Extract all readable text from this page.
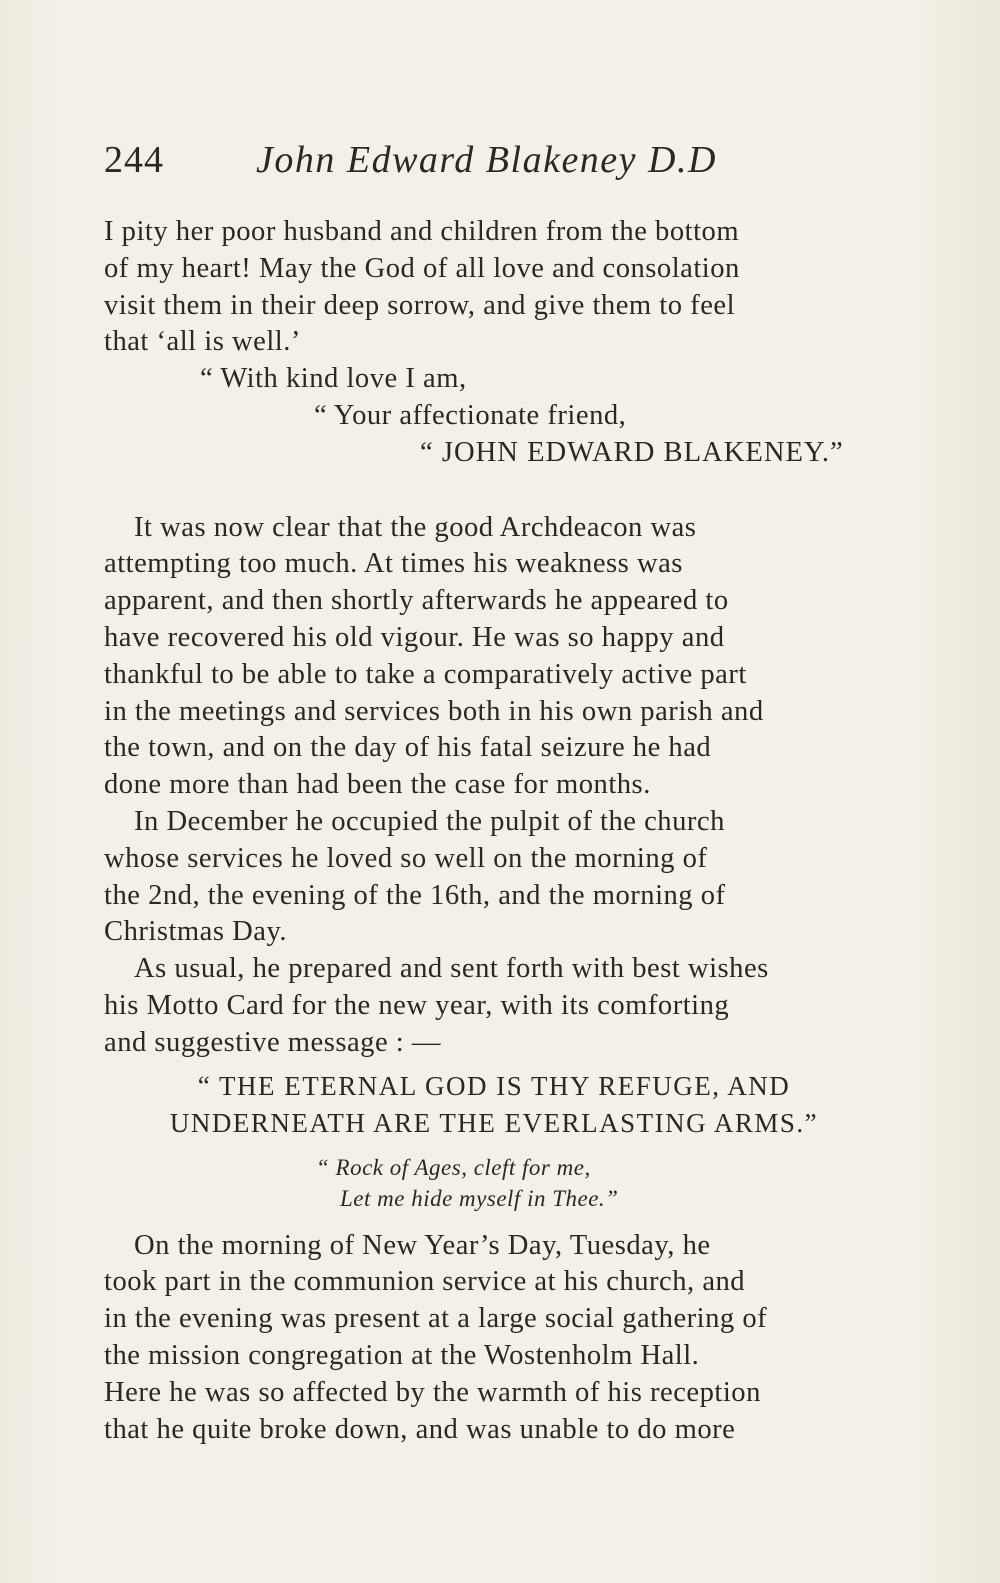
244 John Edward Blakeney D.D

I pity her poor husband and children from the bottom

of my heart! May the God of all love and consolation

visit them in their deep sorrow, and give them to feel

that ‘all is well.’

“ With kind love I am,

“ Your affectionate friend,

“ JOHN EDWARD BLAKENEY.”

It was now clear that the good Archdeacon was

attempting too much. At times his weakness was

apparent, and then shortly afterwards he appeared to

have recovered his old vigour. He was so happy and

thankful to be able to take a comparatively active part

in the meetings and services both in his own parish and

the town, and on the day of his fatal seizure he had

done more than had been the case for months.

In December he occupied the pulpit of the church

whose services he loved so well on the morning of

the 2nd, the evening of the 16th, and the morning of

Christmas Day.

As usual, he prepared and sent forth with best wishes

his Motto Card for the new year, with its comforting

and suggestive message : —

“ THE ETERNAL GOD IS THY REFUGE, AND
UNDERNEATH ARE THE EVERLASTING ARMS.”
“ Rock of Ages, cleft for me,
Let me hide myself in Thee.”

On the morning of New Year’s Day, Tuesday, he

took part in the communion service at his church, and

in the evening was present at a large social gathering of

the mission congregation at the Wostenholm Hall.

Here he was so affected by the warmth of his reception

that he quite broke down, and was unable to do more
